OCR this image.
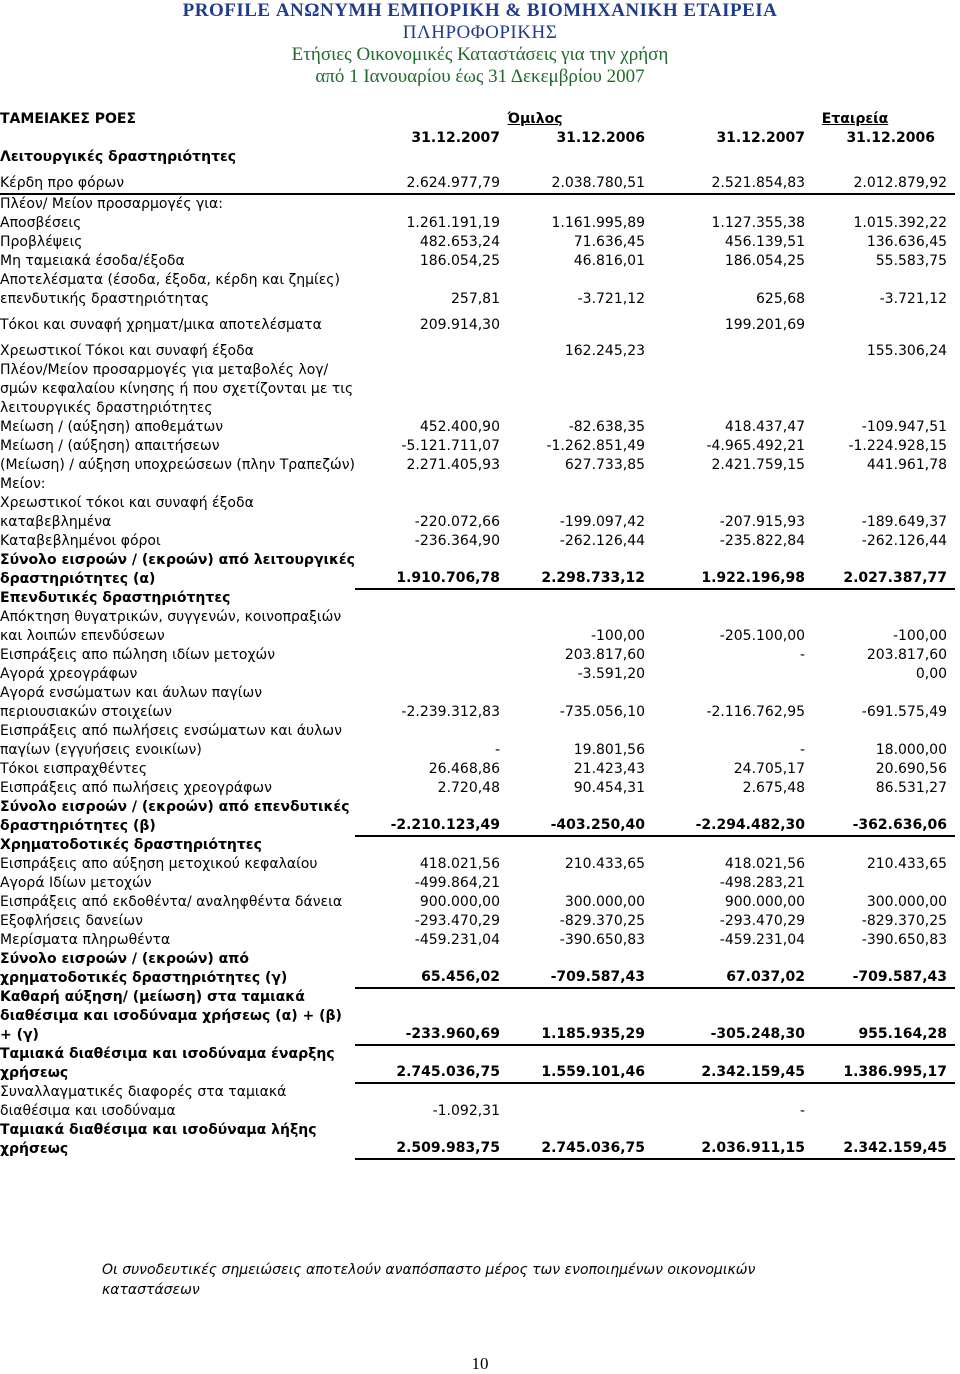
PROFILE ΑΝΩΝΥΜΗ ΕΜΠΟΡΙΚΗ & ΒΙΟΜΗΧΑΝΙΚΗ ΕΤΑΙΡΕΙΑ
ΠΛΗΡΟΦΟΡΙΚΗΣ
Ετήσιες Οικονομικές Καταστάσεις για την χρήση
από 1 Ιανουαρίου έως 31 Δεκεμβρίου 2007
ΤΑΜΕΙΑΚΕΣ ΡΟΕΣ	Όμιλος		Εταιρεία	
	31.12.2007	31.12.2006	31.12.2007	31.12.2006
Λειτουργικές δραστηριότητες				

Κέρδη προ φόρων	2.624.977,79	2.038.780,51	2.521.854,83	2.012.879,92
Πλέον/ Μείον προσαρμογές για:				
Αποσβέσεις	1.261.191,19	1.161.995,89	1.127.355,38	1.015.392,22
Προβλέψεις	482.653,24	71.636,45	456.139,51	136.636,45
Μη ταμειακά έσοδα/έξοδα	186.054,25	46.816,01	186.054,25	55.583,75
Αποτελέσματα (έσοδα, έξοδα, κέρδη και ζημίες) επενδυτικής δραστηριότητας	257,81	-3.721,12	625,68	-3.721,12

Τόκοι και συναφή χρηματ/μικα αποτελέσματα	209.914,30		199.201,69	

Χρεωστικοί Τόκοι και συναφή έξοδα		162.245,23		155.306,24
Πλέον/Μείον προσαρμογές για μεταβολές λογ/σμών κεφαλαίου κίνησης ή που σχετίζονται με τις λειτουργικές δραστηριότητες				
Μείωση / (αύξηση) αποθεμάτων	452.400,90	-82.638,35	418.437,47	-109.947,51
Μείωση / (αύξηση) απαιτήσεων	-5.121.711,07	-1.262.851,49	-4.965.492,21	-1.224.928,15
(Μείωση) / αύξηση υποχρεώσεων (πλην Τραπεζών)	2.271.405,93	627.733,85	2.421.759,15	441.961,78
Μείον:				
Χρεωστικοί τόκοι και συναφή έξοδα καταβεβλημένα	-220.072,66	-199.097,42	-207.915,93	-189.649,37
Καταβεβλημένοι φόροι	-236.364,90	-262.126,44	-235.822,84	-262.126,44
Σύνολο εισροών / (εκροών) από λειτουργικές δραστηριότητες (α)	1.910.706,78	2.298.733,12	1.922.196,98	2.027.387,77
Επενδυτικές δραστηριότητες				
Απόκτηση θυγατρικών, συγγενών, κοινοπραξιών και λοιπών επενδύσεων		-100,00	-205.100,00	-100,00
Εισπράξεις απο πώληση ιδίων μετοχών		203.817,60	-	203.817,60
Αγορά χρεογράφων		-3.591,20		0,00
Αγορά ενσώματων και άυλων παγίων περιουσιακών στοιχείων	-2.239.312,83	-735.056,10	-2.116.762,95	-691.575,49
Εισπράξεις από πωλήσεις ενσώματων και άυλων παγίων (εγγυήσεις ενοικίων)	-	19.801,56	-	18.000,00
Τόκοι εισπραχθέντες	26.468,86	21.423,43	24.705,17	20.690,56
Εισπράξεις από πωλήσεις χρεογράφων	2.720,48	90.454,31	2.675,48	86.531,27
Σύνολο εισροών / (εκροών) από επενδυτικές δραστηριότητες (β)	-2.210.123,49	-403.250,40	-2.294.482,30	-362.636,06
Χρηματοδοτικές δραστηριότητες				
Εισπράξεις απο αύξηση μετοχικού κεφαλαίου	418.021,56	210.433,65	418.021,56	210.433,65
Αγορά Ιδίων μετοχών	-499.864,21		-498.283,21	
Εισπράξεις από εκδοθέντα/ αναληφθέντα δάνεια	900.000,00	300.000,00	900.000,00	300.000,00
Εξοφλήσεις δανείων	-293.470,29	-829.370,25	-293.470,29	-829.370,25
Μερίσματα πληρωθέντα	-459.231,04	-390.650,83	-459.231,04	-390.650,83
Σύνολο εισροών / (εκροών) από χρηματοδοτικές δραστηριότητες (γ)	65.456,02	-709.587,43	67.037,02	-709.587,43
Καθαρή αύξηση/ (μείωση) στα ταμιακά διαθέσιμα και ισοδύναμα χρήσεως (α) + (β) + (γ)	-233.960,69	1.185.935,29	-305.248,30	955.164,28
Ταμιακά διαθέσιμα και ισοδύναμα έναρξης χρήσεως	2.745.036,75	1.559.101,46	2.342.159,45	1.386.995,17
Συναλλαγματικές διαφορές στα ταμιακά διαθέσιμα και ισοδύναμα	-1.092,31		-	
Ταμιακά διαθέσιμα και ισοδύναμα λήξης χρήσεως	2.509.983,75	2.745.036,75	2.036.911,15	2.342.159,45
Οι συνοδευτικές σημειώσεις αποτελούν αναπόσπαστο μέρος των ενοποιημένων οικονομικών καταστάσεων
10
